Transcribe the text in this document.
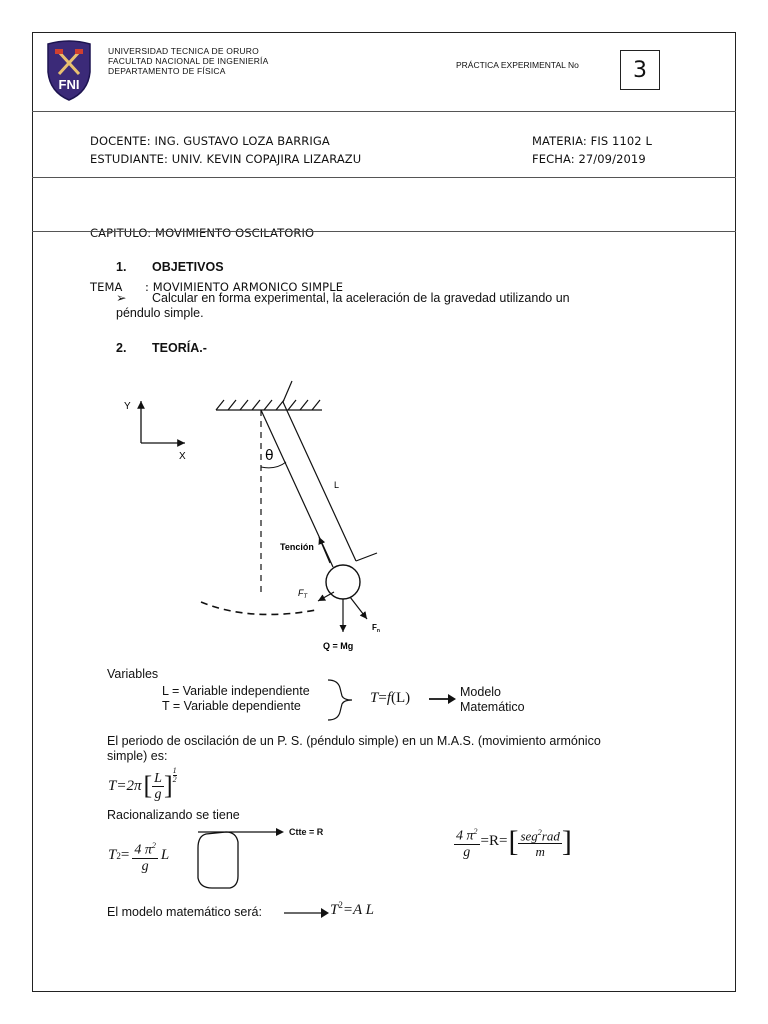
FNI
UNIVERSIDAD TECNICA DE ORURO
FACULTAD NACIONAL DE INGENIERÍA
DEPARTAMENTO DE FÍSICA
PRÁCTICA EXPERIMENTAL No	3
DOCENTE: ING. GUSTAVO LOZA BARRIGA
ESTUDIANTE: UNIV. KEVIN COPAJIRA LIZARAZU
MATERIA: FIS 1102 L
FECHA: 27/09/2019

CAPITULO: MOVIMIENTO OSCILATORIO

TEMA      : MOVIMIENTO ARMONICO SIMPLE

1. OBJETIVOS
➢ Calcular en forma experimental, la aceleración de la gravedad utilizando un
péndulo simple.
2. TEORÍA.-
Y
X	θ
L
Tención
$F_T$
$F_n$
Q = Mg
Variables
L = Variable independiente
T = Variable dependiente	T=f(L)	Modelo
Matemático
El periodo de oscilación de un P. S. (péndulo simple) en un M.A.S. (movimiento armónico
simple) es:
T=2π [ $\frac{L}{g}$ ]
1
2
Racionalizando se tiene
T $2 = \frac{4 \pi^2}{g}$ L
Ctte = R	$\frac{4 \pi^2}{g} =R=$ [ $\frac{seg^2rad}{m}$ ]
El modelo matemático será:	$T^2=A$ L
